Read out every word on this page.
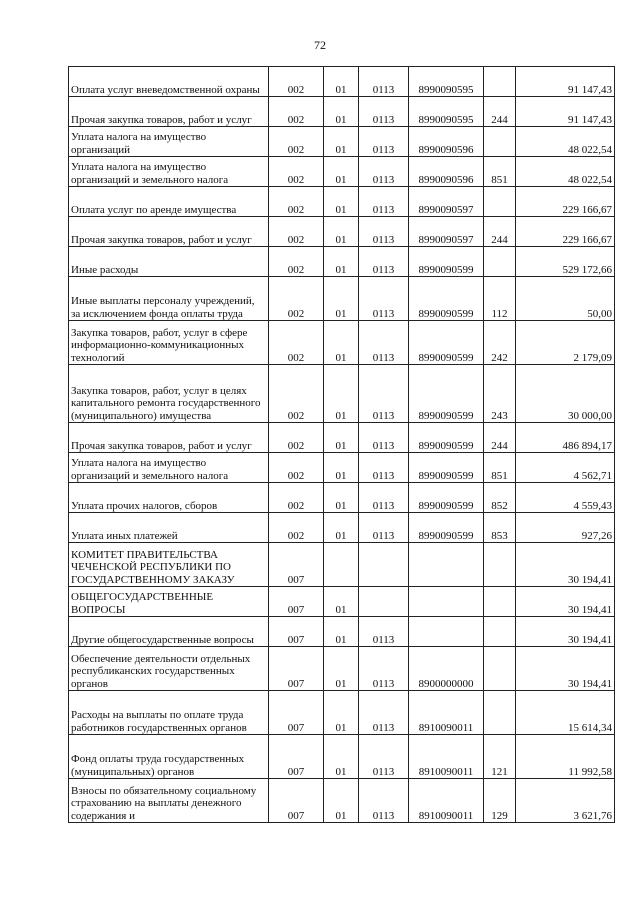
72
Оплата услуг вневедомственной охраны	002	01	0113	8990090595		91 147,43
Прочая закупка товаров, работ и услуг	002	01	0113	8990090595	244	91 147,43
Уплата налога на имущество организаций	002	01	0113	8990090596		48 022,54
Уплата налога на имущество организаций и земельного налога	002	01	0113	8990090596	851	48 022,54
Оплата услуг по аренде имущества	002	01	0113	8990090597		229 166,67
Прочая закупка товаров, работ и услуг	002	01	0113	8990090597	244	229 166,67
Иные расходы	002	01	0113	8990090599		529 172,66
Иные выплаты персоналу учреждений, за исключением фонда оплаты труда	002	01	0113	8990090599	112	50,00
Закупка товаров, работ, услуг в сфере информационно-коммуникационных технологий	002	01	0113	8990090599	242	2 179,09
Закупка товаров, работ, услуг в целях капитального ремонта государственного (муниципального) имущества	002	01	0113	8990090599	243	30 000,00
Прочая закупка товаров, работ и услуг	002	01	0113	8990090599	244	486 894,17
Уплата налога на имущество организаций и земельного налога	002	01	0113	8990090599	851	4 562,71
Уплата прочих налогов, сборов	002	01	0113	8990090599	852	4 559,43
Уплата иных платежей	002	01	0113	8990090599	853	927,26
КОМИТЕТ ПРАВИТЕЛЬСТВА ЧЕЧЕНСКОЙ РЕСПУБЛИКИ ПО ГОСУДАРСТВЕННОМУ ЗАКАЗУ	007					30 194,41
ОБЩЕГОСУДАРСТВЕННЫЕ ВОПРОСЫ	007	01				30 194,41
Другие общегосударственные вопросы	007	01	0113			30 194,41
Обеспечение деятельности отдельных республиканских государственных органов	007	01	0113	8900000000		30 194,41
Расходы на выплаты по оплате труда работников государственных органов	007	01	0113	8910090011		15 614,34
Фонд оплаты труда государственных (муниципальных) органов	007	01	0113	8910090011	121	11 992,58
Взносы по обязательному социальному страхованию на выплаты денежного содержания и	007	01	0113	8910090011	129	3 621,76
